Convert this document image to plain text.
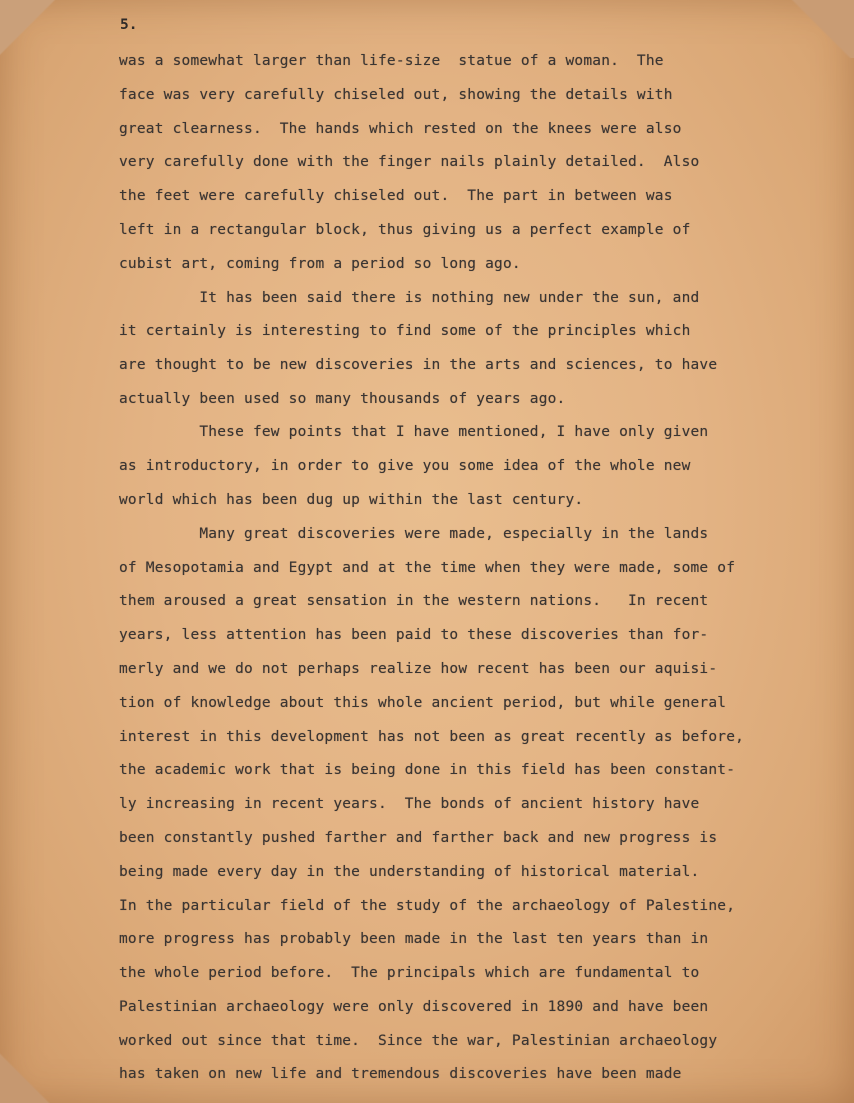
5.
was a somewhat larger than life-size  statue of a woman.  The
face was very carefully chiseled out, showing the details with
great clearness.  The hands which rested on the knees were also
very carefully done with the finger nails plainly detailed.  Also
the feet were carefully chiseled out.  The part in between was
left in a rectangular block, thus giving us a perfect example of
cubist art, coming from a period so long ago.
It has been said there is nothing new under the sun, and
it certainly is interesting to find some of the principles which
are thought to be new discoveries in the arts and sciences, to have
actually been used so many thousands of years ago.
These few points that I have mentioned, I have only given
as introductory, in order to give you some idea of the whole new
world which has been dug up within the last century.
Many great discoveries were made, especially in the lands
of Mesopotamia and Egypt and at the time when they were made, some of
them aroused a great sensation in the western nations.   In recent
years, less attention has been paid to these discoveries than for-
merly and we do not perhaps realize how recent has been our aquisi-
tion of knowledge about this whole ancient period, but while general
interest in this development has not been as great recently as before,
the academic work that is being done in this field has been constant-
ly increasing in recent years.  The bonds of ancient history have
been constantly pushed farther and farther back and new progress is
being made every day in the understanding of historical material.
In the particular field of the study of the archaeology of Palestine,
more progress has probably been made in the last ten years than in
the whole period before.  The principals which are fundamental to
Palestinian archaeology were only discovered in 1890 and have been
worked out since that time.  Since the war, Palestinian archaeology
has taken on new life and tremendous discoveries have been made
